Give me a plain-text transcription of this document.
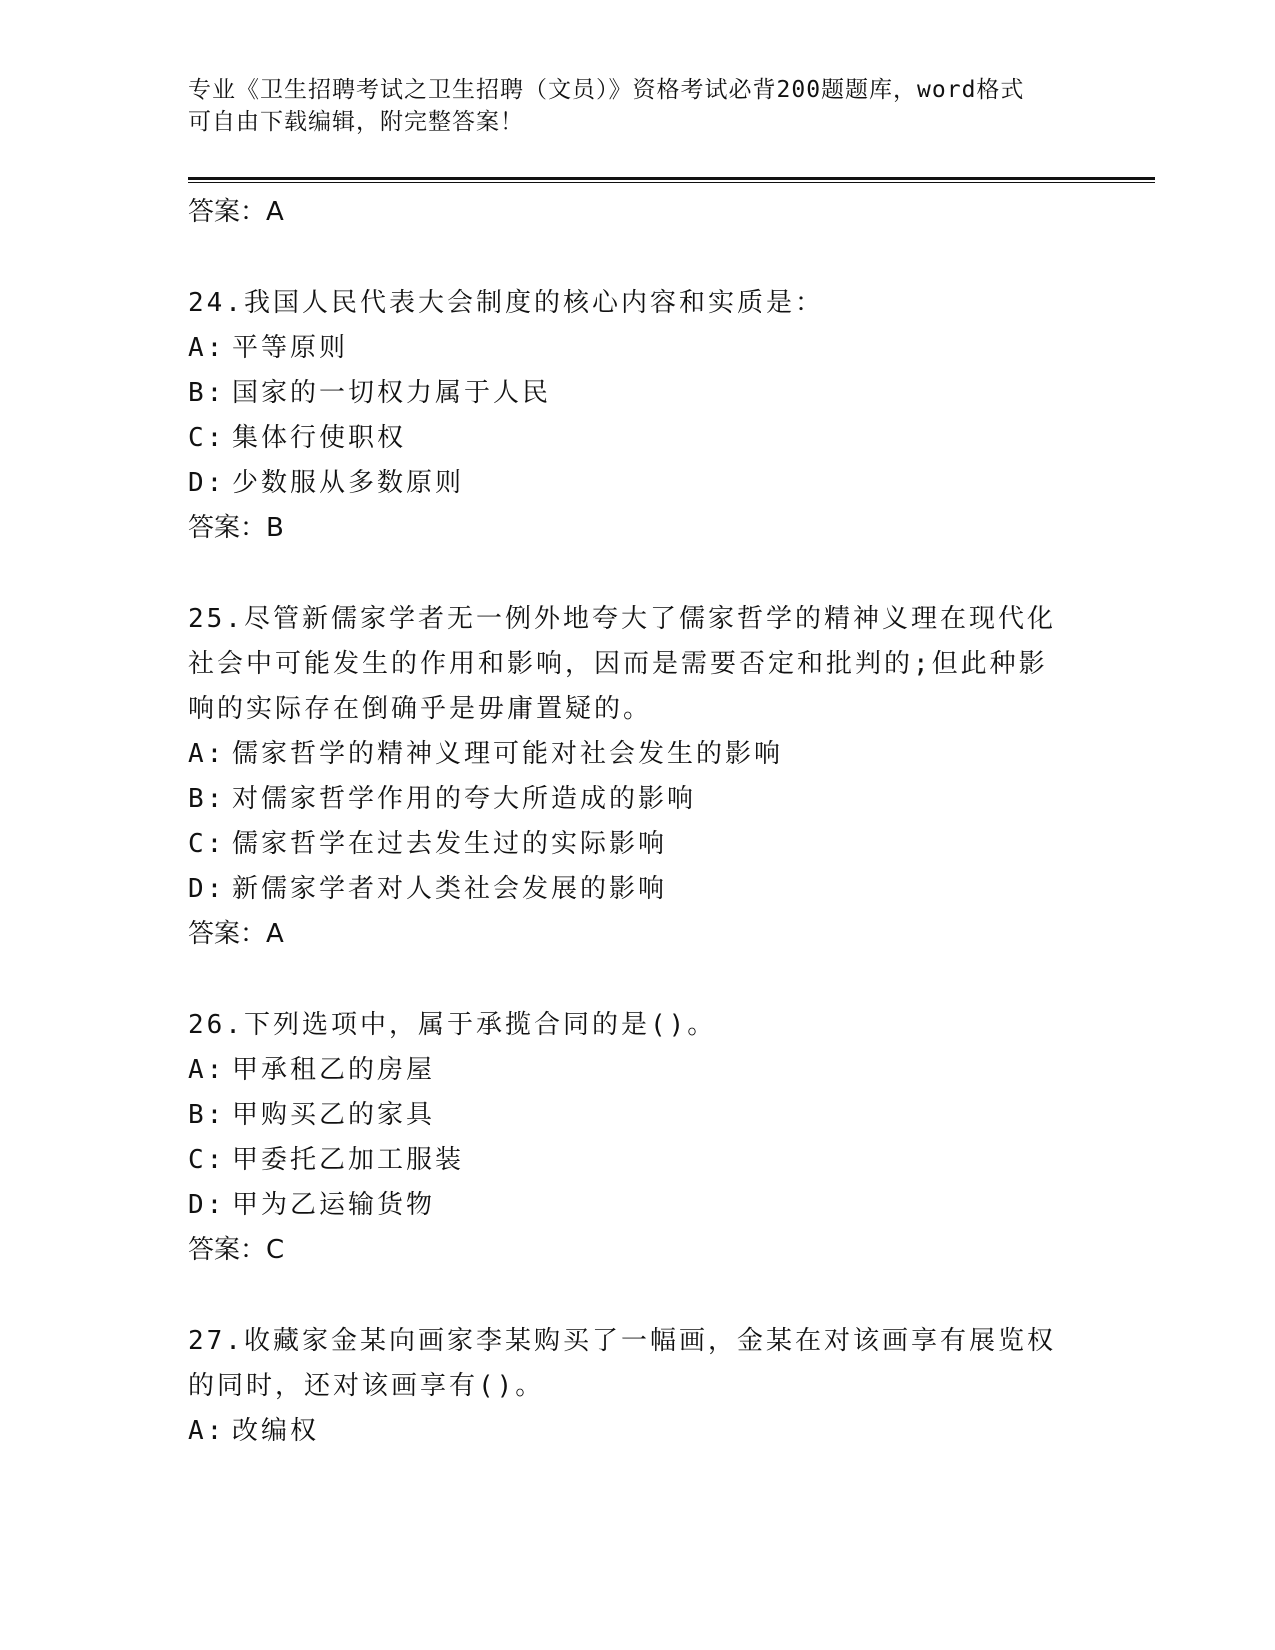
专业《卫生招聘考试之卫生招聘（文员）》资格考试必背200题题库，word格式
可自由下载编辑，附完整答案！
答案：A
24.我国人民代表大会制度的核心内容和实质是：
A: 平等原则
B: 国家的一切权力属于人民
C: 集体行使职权
D: 少数服从多数原则
答案：B
25.尽管新儒家学者无一例外地夸大了儒家哲学的精神义理在现代化社会中可能发生的作用和影响，因而是需要否定和批判的;但此种影响的实际存在倒确乎是毋庸置疑的。
A: 儒家哲学的精神义理可能对社会发生的影响
B: 对儒家哲学作用的夸大所造成的影响
C: 儒家哲学在过去发生过的实际影响
D: 新儒家学者对人类社会发展的影响
答案：A
26.下列选项中，属于承揽合同的是()。
A: 甲承租乙的房屋
B: 甲购买乙的家具
C: 甲委托乙加工服装
D: 甲为乙运输货物
答案：C
27.收藏家金某向画家李某购买了一幅画，金某在对该画享有展览权的同时，还对该画享有()。
A: 改编权
